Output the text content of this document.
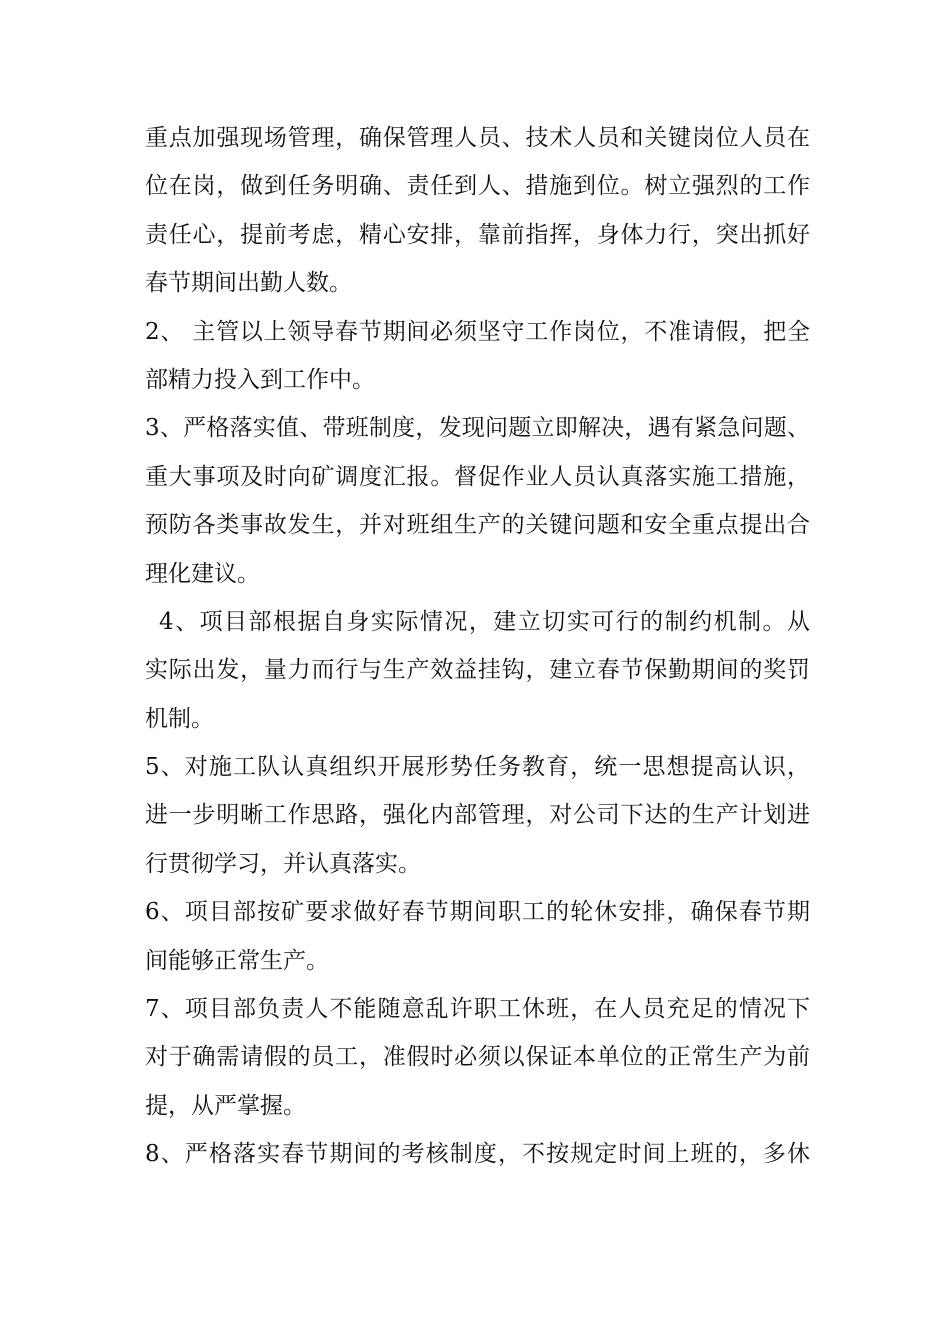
重点加强现场管理，确保管理人员、技术人员和关键岗位人员在
位在岗，做到任务明确、责任到人、措施到位。树立强烈的工作
责任心，提前考虑，精心安排，靠前指挥，身体力行，突出抓好
春节期间出勤人数。
2、 主管以上领导春节期间必须坚守工作岗位，不准请假，把全
部精力投入到工作中。
3、严格落实值、带班制度，发现问题立即解决，遇有紧急问题、
重大事项及时向矿调度汇报。督促作业人员认真落实施工措施，
预防各类事故发生，并对班组生产的关键问题和安全重点提出合
理化建议。
4、项目部根据自身实际情况，建立切实可行的制约机制。从
实际出发，量力而行与生产效益挂钩，建立春节保勤期间的奖罚
机制。
5、对施工队认真组织开展形势任务教育，统一思想提高认识，
进一步明晰工作思路，强化内部管理，对公司下达的生产计划进
行贯彻学习，并认真落实。
6、项目部按矿要求做好春节期间职工的轮休安排，确保春节期
间能够正常生产。
7、项目部负责人不能随意乱许职工休班，在人员充足的情况下
对于确需请假的员工，准假时必须以保证本单位的正常生产为前
提，从严掌握。
8、严格落实春节期间的考核制度，不按规定时间上班的，多休
